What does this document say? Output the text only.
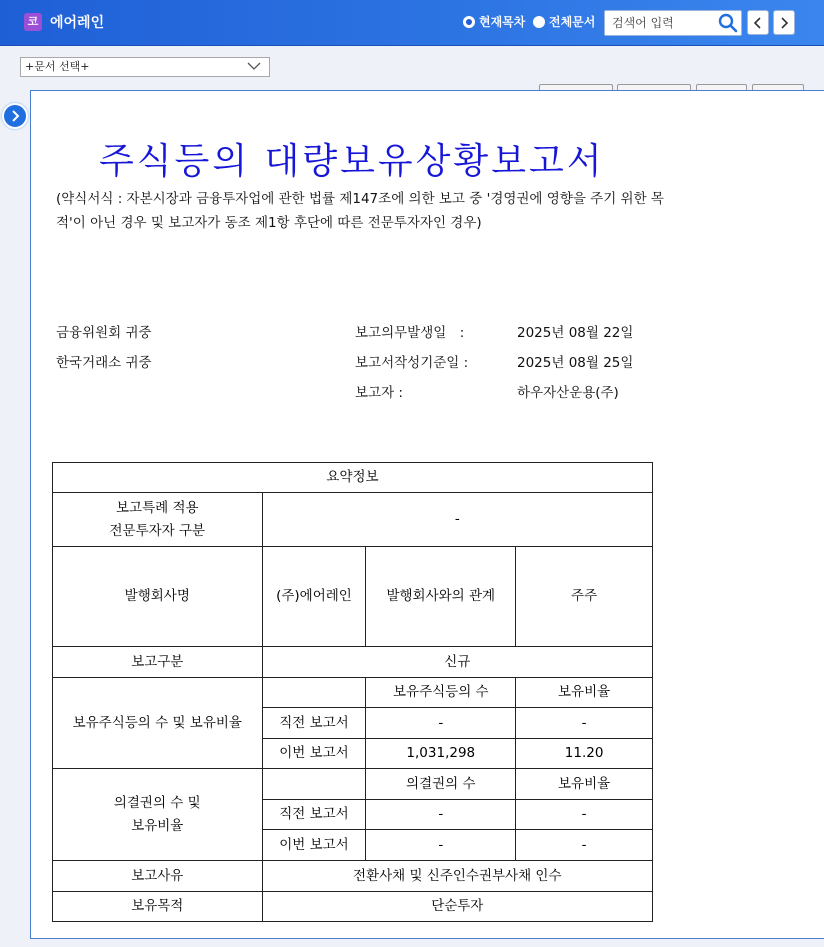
코 에어레인	현재목차 전체문서
검색어 입력
+문서 선택+
주식등의 대량보유상황보고서
(약식서식 : 자본시장과 금융투자업에 관한 법률 제147조에 의한 보고 중 '경영권에 영향을 주기 위한 목적'이 아닌 경우 및 보고자가 동조 제1항 후단에 따른 전문투자자인 경우)
금융위원회 귀중
한국거래소 귀중
보고의무발생일　:	2025년 08월 22일
보고서작성기준일 :	2025년 08월 25일
보고자 :	하우자산운용(주)
요약정보			
보고특례 적용
전문투자자 구분	-		
발행회사명	(주)에어레인	발행회사와의 관계	주주
보고구분	신규		
보유주식등의 수 및 보유비율		보유주식등의 수	보유비율
	직전 보고서	-	-
	이번 보고서	1,031,298	11.20
의결권의 수 및
보유비율		의결권의 수	보유비율
	직전 보고서	-	-
	이번 보고서	-	-
보고사유	전환사채 및 신주인수권부사채 인수		
보유목적	단순투자		
